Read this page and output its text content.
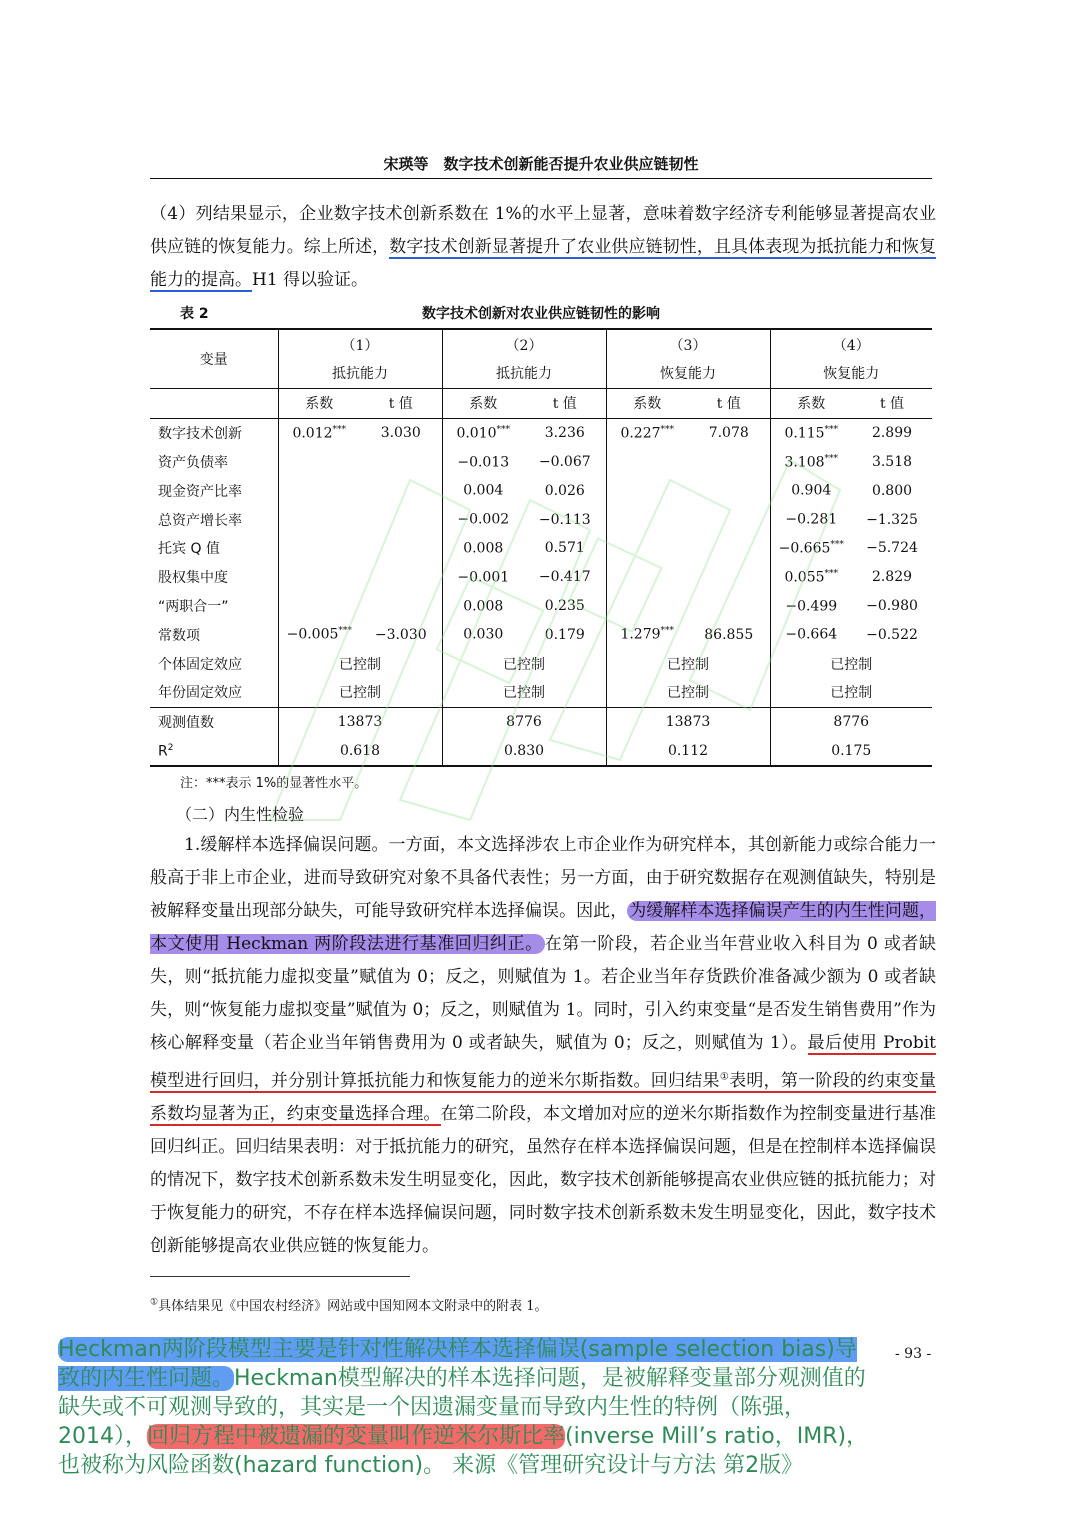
宋瑛等　数字技术创新能否提升农业供应链韧性

（4）列结果显示，企业数字技术创新系数在 1%的水平上显著，意味着数字经济专利能够显著提高农业供应链的恢复能力。综上所述，数字技术创新显著提升了农业供应链韧性，且具体表现为抵抗能力和恢复能力的提高。H1 得以验证。

表 2	数字技术创新对农业供应链韧性的影响
变量	（1）		（2）		（3）		（4）	
	抵抗能力		抵抗能力		恢复能力		恢复能力	
	系数	t 值	系数	t 值	系数	t 值	系数	t 值
数字技术创新	0.012***	3.030	0.010***	3.236	0.227***	7.078	0.115***	2.899
资产负债率			−0.013	−0.067			3.108***	3.518
现金资产比率			0.004	0.026			0.904	0.800
总资产增长率			−0.002	−0.113			−0.281	−1.325
托宾 Q 值			0.008	0.571			−0.665***	−5.724
股权集中度			−0.001	−0.417			0.055***	2.829
“两职合一”			0.008	0.235			−0.499	−0.980
常数项	−0.005***	−3.030	0.030	0.179	1.279***	86.855	−0.664	−0.522
个体固定效应	已控制		已控制		已控制		已控制	
年份固定效应	已控制		已控制		已控制		已控制	
观测值数	13873		8776		13873		8776	
$R^2$	0.618		0.830		0.112		0.175	
注：***表示 1%的显著性水平。
（二）内生性检验

1.缓解样本选择偏误问题。一方面，本文选择涉农上市企业作为研究样本，其创新能力或综合能力一般高于非上市企业，进而导致研究对象不具备代表性；另一方面，由于研究数据存在观测值缺失，特别是被解释变量出现部分缺失，可能导致研究样本选择偏误。因此， 为缓解样本选择偏误产生的内生性问题，本文使用 Heckman 两阶段法进行基准回归纠正。 在第一阶段，若企业当年营业收入科目为 0 或者缺失，则“抵抗能力虚拟变量”赋值为 0；反之，则赋值为 1。若企业当年存货跌价准备减少额为 0 或者缺失，则“恢复能力虚拟变量”赋值为 0；反之，则赋值为 1。同时，引入约束变量“是否发生销售费用”作为核心解释变量（若企业当年销售费用为 0 或者缺失，赋值为 0；反之，则赋值为 1）。最后使用 Probit 模型进行回归，并分别计算抵抗能力和恢复能力的逆米尔斯指数。回归结果①表明，第一阶段的约束变量系数均显著为正，约束变量选择合理。在第二阶段，本文增加对应的逆米尔斯指数作为控制变量进行基准回归纠正。回归结果表明：对于抵抗能力的研究，虽然存在样本选择偏误问题，但是在控制样本选择偏误的情况下，数字技术创新系数未发生明显变化，因此，数字技术创新能够提高农业供应链的抵抗能力；对于恢复能力的研究，不存在样本选择偏误问题，同时数字技术创新系数未发生明显变化，因此，数字技术创新能够提高农业供应链的恢复能力。

①具体结果见《中国农村经济》网站或中国知网本文附录中的附表 1。
- 93 -
Heckman两阶段模型主要是针对性解决样本选择偏误(sample selection bias)导致的内生性问题。Heckman模型解决的样本选择问题，是被解释变量部分观测值的缺失或不可观测导致的，其实是一个因遗漏变量而导致内生性的特例（陈强，2014），回归方程中被遗漏的变量叫作逆米尔斯比率(inverse Mill’s ratio，IMR)，也被称为风险函数(hazard function)。 来源《管理研究设计与方法 第2版》
